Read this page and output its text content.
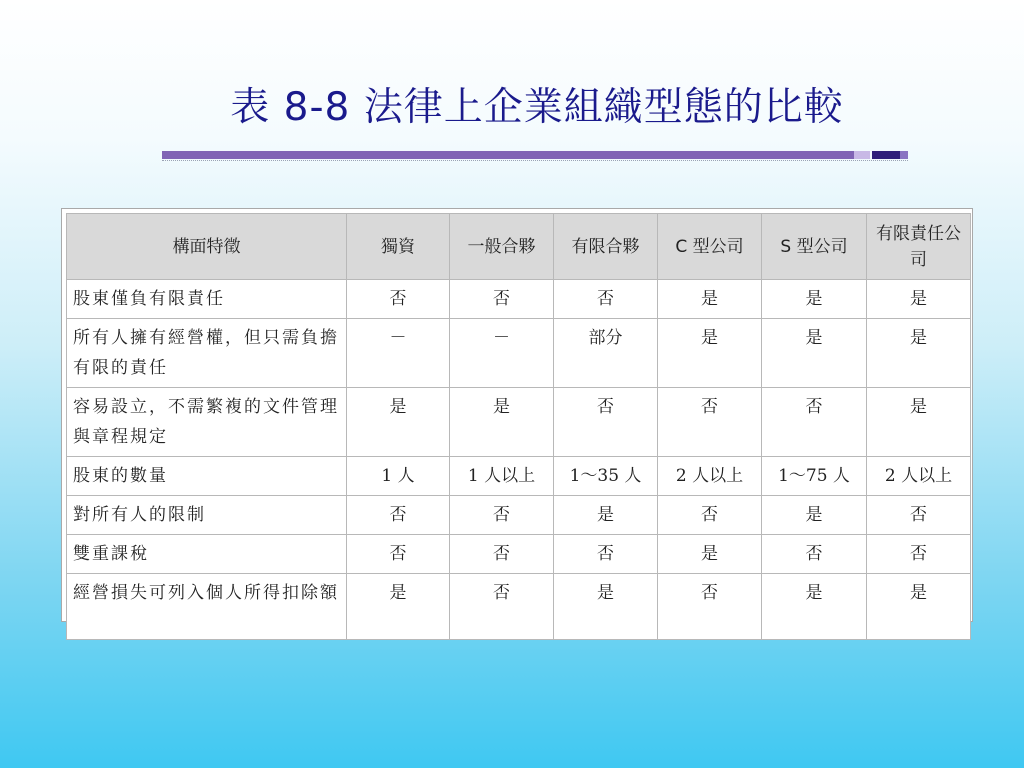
表 8-8 法律上企業組織型態的比較
構面特徵	獨資	一般合夥	有限合夥	C 型公司	S 型公司	有限責任公司
股東僅負有限責任	否	否	否	是	是	是
所有人擁有經營權，但只需負擔有限的責任	－	－	部分	是	是	是
容易設立，不需繁複的文件管理與章程規定	是	是	否	否	否	是
股東的數量	1 人	1 人以上	1～35 人	2 人以上	1～75 人	2 人以上
對所有人的限制	否	否	是	否	是	否
雙重課稅	否	否	否	是	否	否
經營損失可列入個人所得扣除額	是	否	是	否	是	是
